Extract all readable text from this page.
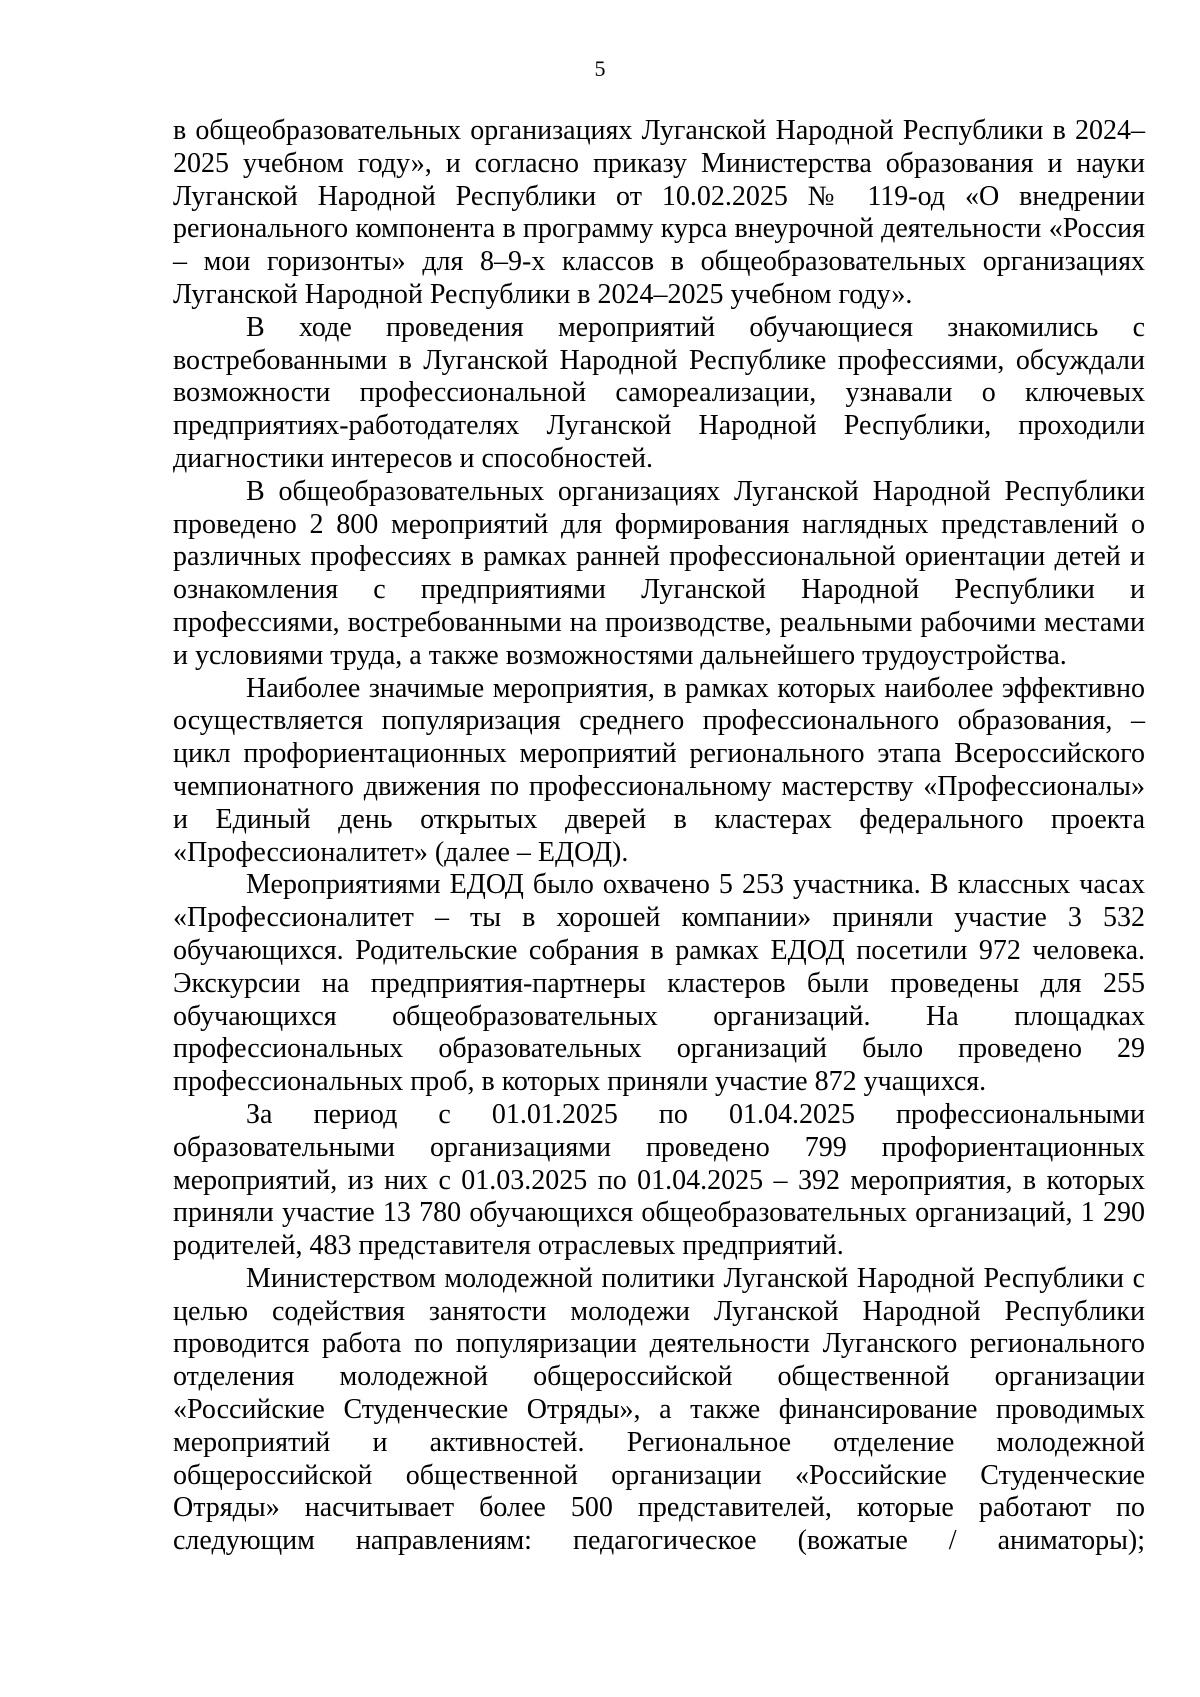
5

в общеобразовательных организациях Луганской Народной Республики в 2024–2025 учебном году», и согласно приказу Министерства образования и науки Луганской Народной Республики от 10.02.2025 № 119-од «О внедрении регионального компонента в программу курса внеурочной деятельности «Россия – мои горизонты» для 8–9-х классов в общеобразовательных организациях Луганской Народной Республики в 2024–2025 учебном году».

В ходе проведения мероприятий обучающиеся знакомились с востребованными в Луганской Народной Республике профессиями, обсуждали возможности профессиональной самореализации, узнавали о ключевых предприятиях-работодателях Луганской Народной Республики, проходили диагностики интересов и способностей.

В общеобразовательных организациях Луганской Народной Республики проведено 2 800 мероприятий для формирования наглядных представлений о различных профессиях в рамках ранней профессиональной ориентации детей и ознакомления с предприятиями Луганской Народной Республики и профессиями, востребованными на производстве, реальными рабочими местами и условиями труда, а также возможностями дальнейшего трудоустройства.

Наиболее значимые мероприятия, в рамках которых наиболее эффективно осуществляется популяризация среднего профессионального образования, – цикл профориентационных мероприятий регионального этапа Всероссийского чемпионатного движения по профессиональному мастерству «Профессионалы» и Единый день открытых дверей в кластерах федерального проекта «Профессионалитет» (далее – ЕДОД).

Мероприятиями ЕДОД было охвачено 5 253 участника. В классных часах «Профессионалитет – ты в хорошей компании» приняли участие 3 532 обучающихся. Родительские собрания в рамках ЕДОД посетили 972 человека. Экскурсии на предприятия-партнеры кластеров были проведены для 255 обучающихся общеобразовательных организаций. На площадках профессиональных образовательных организаций было проведено 29 профессиональных проб, в которых приняли участие 872 учащихся.

За период с 01.01.2025 по 01.04.2025 профессиональными образовательными организациями проведено 799 профориентационных мероприятий, из них с 01.03.2025 по 01.04.2025 – 392 мероприятия, в которых приняли участие 13 780 обучающихся общеобразовательных организаций, 1 290 родителей, 483 представителя отраслевых предприятий.

Министерством молодежной политики Луганской Народной Республики с целью содействия занятости молодежи Луганской Народной Республики проводится работа по популяризации деятельности Луганского регионального отделения молодежной общероссийской общественной организации «Российские Студенческие Отряды», а также финансирование проводимых мероприятий и активностей. Региональное отделение молодежной общероссийской общественной организации «Российские Студенческие Отряды» насчитывает более 500 представителей, которые работают по следующим направлениям: педагогическое (вожатые / аниматоры);
